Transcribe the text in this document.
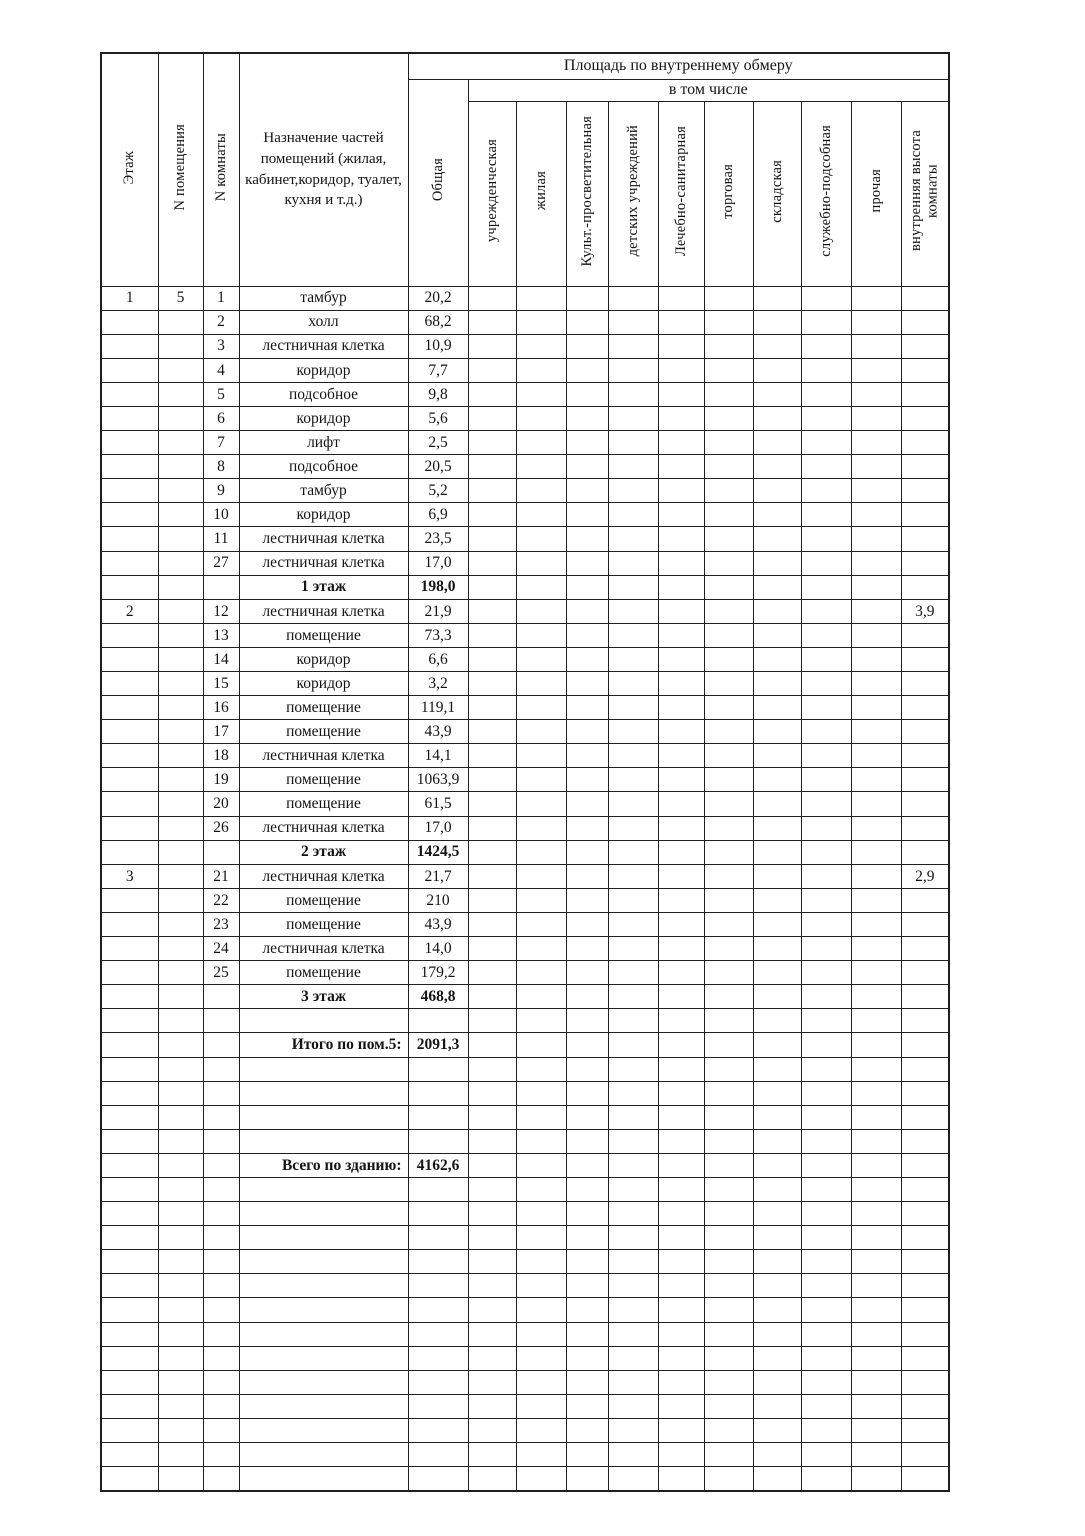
Этаж	N помещения	N комнаты	Назначение частей помещений (жилая, кабинет,коридор, туалет, кухня и т.д.)	Площадь по внутреннему обмеру										
				Общая	в том числе									
					учрежденческая	жилая	Культ.-просветительная	детских учреждений	Лечебно-санитарная	торговая	складская	служебно-подсобная	прочая	внутренняя высота комнаты
1	5	1	тамбур	20,2										
		2	холл	68,2										
		3	лестничная клетка	10,9										
		4	коридор	7,7										
		5	подсобное	9,8										
		6	коридор	5,6										
		7	лифт	2,5										
		8	подсобное	20,5										
		9	тамбур	5,2										
		10	коридор	6,9										
		11	лестничная клетка	23,5										
		27	лестничная клетка	17,0										
			1 этаж	198,0										
2		12	лестничная клетка	21,9										3,9
		13	помещение	73,3										
		14	коридор	6,6										
		15	коридор	3,2										
		16	помещение	119,1										
		17	помещение	43,9										
		18	лестничная клетка	14,1										
		19	помещение	1063,9										
		20	помещение	61,5										
		26	лестничная клетка	17,0										
			2 этаж	1424,5										
3		21	лестничная клетка	21,7										2,9
		22	помещение	210										
		23	помещение	43,9										
		24	лестничная клетка	14,0										
		25	помещение	179,2										
			3 этаж	468,8										

			Итого по пом.5:	2091,3										

			Всего по зданию:	4162,6										
